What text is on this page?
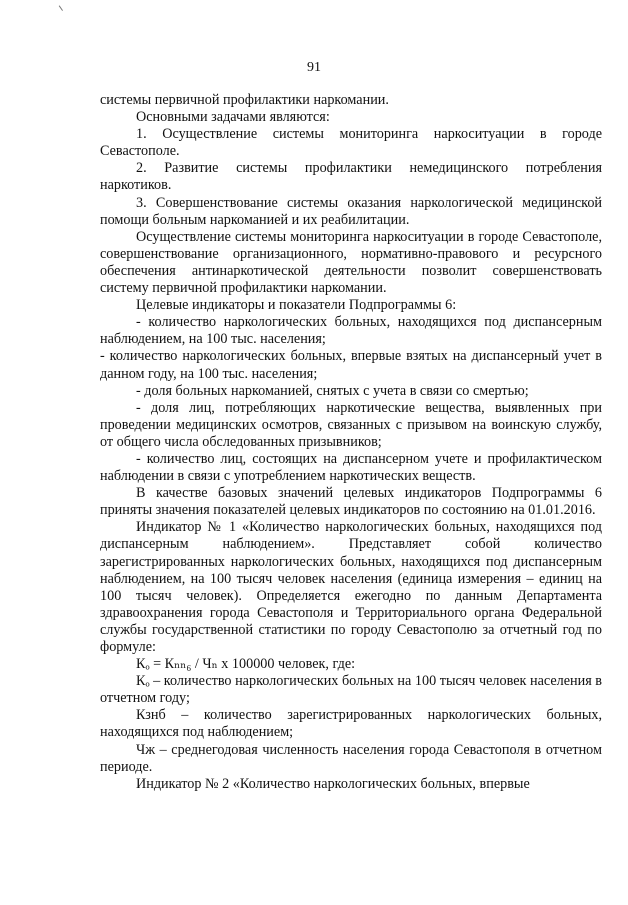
91

системы первичной профилактики наркомании.

Основными задачами являются:

1. Осуществление системы мониторинга наркоситуации в городе Севастополе.

2. Развитие системы профилактики немедицинского потребления наркотиков.

3. Совершенствование системы оказания наркологической медицинской помощи больным наркоманией и их реабилитации.

Осуществление системы мониторинга наркоситуации в городе Севастополе, совершенствование организационного, нормативно-правового и ресурсного обеспечения антинаркотической деятельности позволит совершенствовать систему первичной профилактики наркомании.

Целевые индикаторы и показатели Подпрограммы 6:

- количество наркологических больных, находящихся под диспансерным наблюдением, на 100 тыс. населения;

- количество наркологических больных, впервые взятых на диспансерный учет в данном году, на 100 тыс. населения;

- доля больных наркоманией, снятых с учета в связи со смертью;

- доля лиц, потребляющих наркотические вещества, выявленных при проведении медицинских осмотров, связанных с призывом на воинскую службу, от общего числа обследованных призывников;

- количество лиц, состоящих на диспансерном учете и профилактическом наблюдении в связи с употреблением наркотических веществ.

В качестве базовых значений целевых индикаторов Подпрограммы 6 приняты значения показателей целевых индикаторов по состоянию на 01.01.2016.

Индикатор № 1 «Количество наркологических больных, находящихся под диспансерным наблюдением». Представляет собой количество зарегистрированных наркологических больных, находящихся под диспансерным наблюдением, на 100 тысяч человек населения (единица измерения – единиц на 100 тысяч человек). Определяется ежегодно по данным Департамента здравоохранения города Севастополя и Территориального органа Федеральной службы государственной статистики по городу Севастополю за отчетный год по формуле:

Кₒ = Кₙₙ₆ / Чₙ x 100000 человек, где:

Кₒ – количество наркологических больных на 100 тысяч человек населения в отчетном году;

Кзнб – количество зарегистрированных наркологических больных, находящихся под наблюдением;

Чж – среднегодовая численность населения города Севастополя в отчетном периоде.

Индикатор № 2 «Количество наркологических больных, впервые
